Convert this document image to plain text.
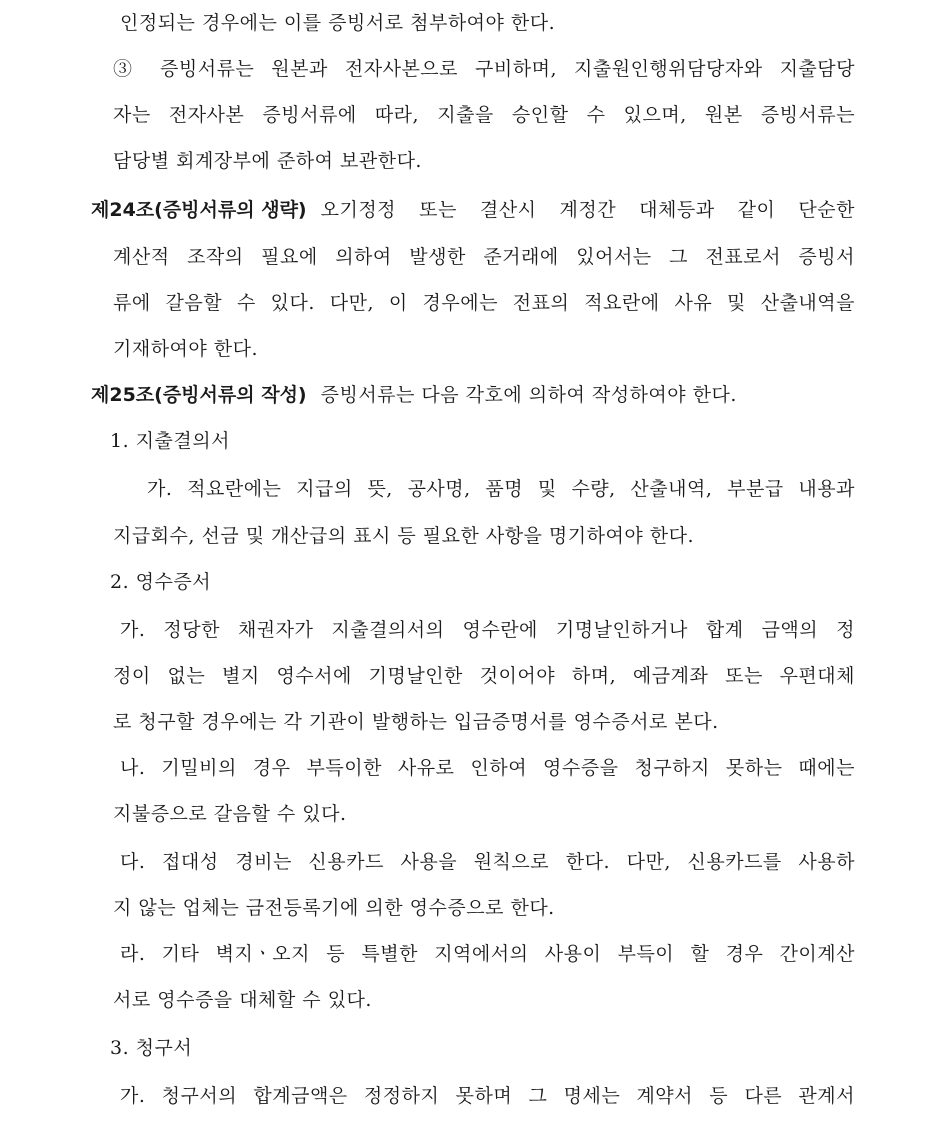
인정되는 경우에는 이를 증빙서로 첨부하여야 한다.
③ 증빙서류는 원본과 전자사본으로 구비하며, 지출원인행위담당자와 지출담당
자는 전자사본 증빙서류에 따라, 지출을 승인할 수 있으며, 원본 증빙서류는
담당별 회계장부에 준하여 보관한다.
제24조(증빙서류의 생략) 오기정정 또는 결산시 계정간 대체등과 같이 단순한
계산적 조작의 필요에 의하여 발생한 준거래에 있어서는 그 전표로서 증빙서
류에 갈음할 수 있다. 다만, 이 경우에는 전표의 적요란에 사유 및 산출내역을
기재하여야 한다.
제25조(증빙서류의 작성) 증빙서류는 다음 각호에 의하여 작성하여야 한다.
1. 지출결의서
가. 적요란에는 지급의 뜻, 공사명, 품명 및 수량, 산출내역, 부분급 내용과
지급회수, 선금 및 개산급의 표시 등 필요한 사항을 명기하여야 한다.
2. 영수증서
가. 정당한 채권자가 지출결의서의 영수란에 기명날인하거나 합계 금액의 정
정이 없는 별지 영수서에 기명날인한 것이어야 하며, 예금계좌 또는 우편대체
로 청구할 경우에는 각 기관이 발행하는 입금증명서를 영수증서로 본다.
나. 기밀비의 경우 부득이한 사유로 인하여 영수증을 청구하지 못하는 때에는
지불증으로 갈음할 수 있다.
다. 접대성 경비는 신용카드 사용을 원칙으로 한다. 다만, 신용카드를 사용하
지 않는 업체는 금전등록기에 의한 영수증으로 한다.
라. 기타 벽지ㆍ오지 등 특별한 지역에서의 사용이 부득이 할 경우 간이계산
서로 영수증을 대체할 수 있다.
3. 청구서
가. 청구서의 합계금액은 정정하지 못하며 그 명세는 계약서 등 다른 관계서
